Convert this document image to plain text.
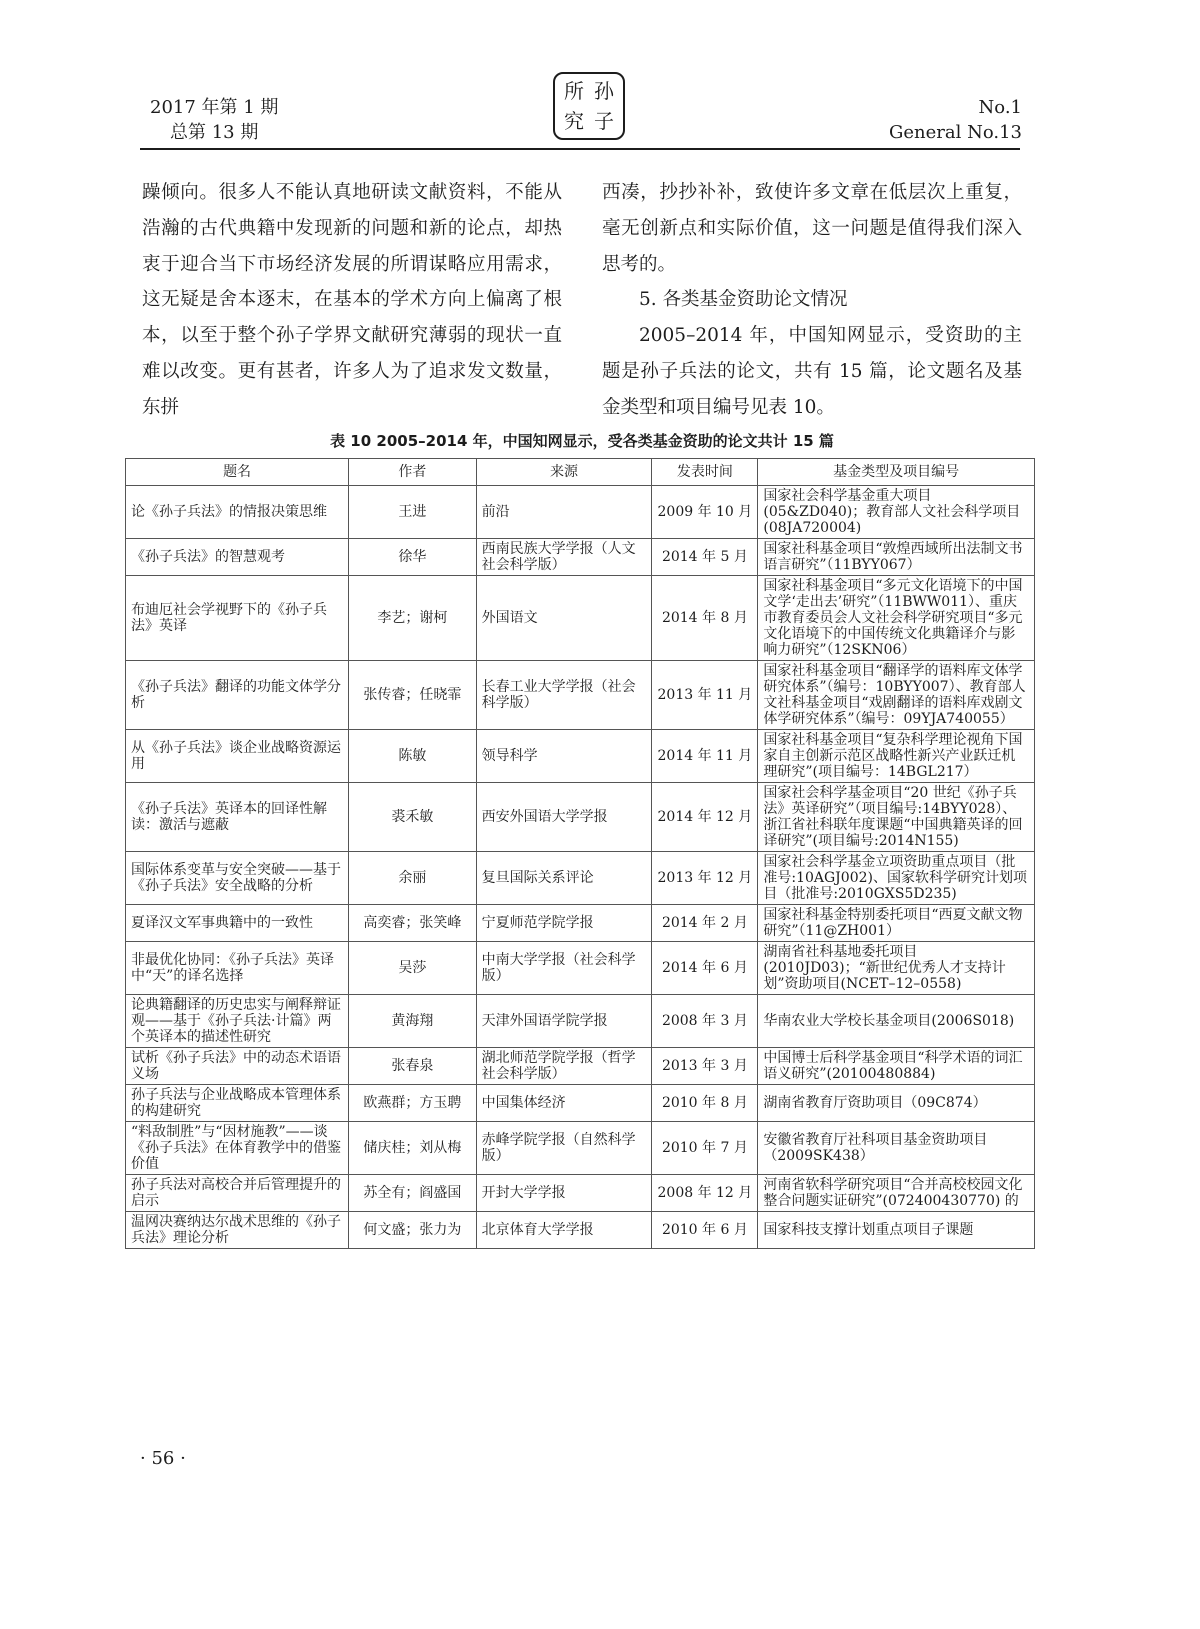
2017 年第 1 期
总第 13 期
所 孙
究 子
No.1
General No.13

躁倾向。很多人不能认真地研读文献资料，不能从浩瀚的古代典籍中发现新的问题和新的论点，却热衷于迎合当下市场经济发展的所谓谋略应用需求，这无疑是舍本逐末，在基本的学术方向上偏离了根本，以至于整个孙子学界文献研究薄弱的现状一直难以改变。更有甚者，许多人为了追求发文数量，东拼

西凑，抄抄补补，致使许多文章在低层次上重复，毫无创新点和实际价值，这一问题是值得我们深入思考的。

5. 各类基金资助论文情况

2005–2014 年，中国知网显示，受资助的主题是孙子兵法的论文，共有 15 篇，论文题名及基金类型和项目编号见表 10。

表 10 2005–2014 年，中国知网显示，受各类基金资助的论文共计 15 篇
题名	作者	来源	发表时间	基金类型及项目编号
论《孙子兵法》的情报决策思维	王进	前沿	2009 年 10 月	国家社会科学基金重大项目(05&ZD040)；教育部人文社会科学项目(08JA720004)
《孙子兵法》的智慧观考	徐华	西南民族大学学报（人文社会科学版）	2014 年 5 月	国家社科基金项目“敦煌西域所出法制文书语言研究”（11BYY067）
布迪厄社会学视野下的《孙子兵法》英译	李艺；谢柯	外国语文	2014 年 8 月	国家社科基金项目“多元文化语境下的中国文学‘走出去’研究”（11BWW011）、重庆市教育委员会人文社会科学研究项目“多元文化语境下的中国传统文化典籍译介与影响力研究”（12SKN06）
《孙子兵法》翻译的功能文体学分析	张传睿；任晓霏	长春工业大学学报（社会科学版）	2013 年 11 月	国家社科基金项目“翻译学的语料库文体学研究体系”（编号：10BYY007）、教育部人文社科基金项目“戏剧翻译的语料库戏剧文体学研究体系”（编号：09YJA740055）
从《孙子兵法》谈企业战略资源运用	陈敏	领导科学	2014 年 11 月	国家社科基金项目“复杂科学理论视角下国家自主创新示范区战略性新兴产业跃迁机理研究”(项目编号：14BGL217）
《孙子兵法》英译本的回译性解读：激活与遮蔽	裘禾敏	西安外国语大学学报	2014 年 12 月	国家社会科学基金项目“20 世纪《孙子兵法》英译研究”（项目编号:14BYY028）、浙江省社科联年度课题“中国典籍英译的回译研究”(项目编号:2014N155)
国际体系变革与安全突破——基于《孙子兵法》安全战略的分析	余丽	复旦国际关系评论	2013 年 12 月	国家社会科学基金立项资助重点项目（批准号:10AGJ002)、国家软科学研究计划项目（批准号:2010GXS5D235)
夏译汉文军事典籍中的一致性	高奕睿；张笑峰	宁夏师范学院学报	2014 年 2 月	国家社科基金特别委托项目“西夏文献文物研究”（11@ZH001）
非最优化协同：《孙子兵法》英译中“天”的译名选择	吴莎	中南大学学报（社会科学版）	2014 年 6 月	湖南省社科基地委托项目(2010JD03)；“新世纪优秀人才支持计划”资助项目(NCET–12–0558)
论典籍翻译的历史忠实与阐释辩证观——基于《孙子兵法·计篇》两个英译本的描述性研究	黄海翔	天津外国语学院学报	2008 年 3 月	华南农业大学校长基金项目(2006S018)
试析《孙子兵法》中的动态术语语义场	张春泉	湖北师范学院学报（哲学社会科学版）	2013 年 3 月	中国博士后科学基金项目“科学术语的词汇语义研究”(20100480884)
孙子兵法与企业战略成本管理体系的构建研究	欧燕群；方玉聘	中国集体经济	2010 年 8 月	湖南省教育厅资助项目（09C874）
“料敌制胜”与“因材施教”——谈《孙子兵法》在体育教学中的借鉴价值	储庆桂；刘从梅	赤峰学院学报（自然科学版）	2010 年 7 月	安徽省教育厅社科项目基金资助项目（2009SK438）
孙子兵法对高校合并后管理提升的启示	苏全有；阎盛国	开封大学学报	2008 年 12 月	河南省软科学研究项目“合并高校校园文化整合问题实证研究”(072400430770) 的
温网决赛纳达尔战术思维的《孙子兵法》理论分析	何文盛；张力为	北京体育大学学报	2010 年 6 月	国家科技支撑计划重点项目子课题
· 56 ·
